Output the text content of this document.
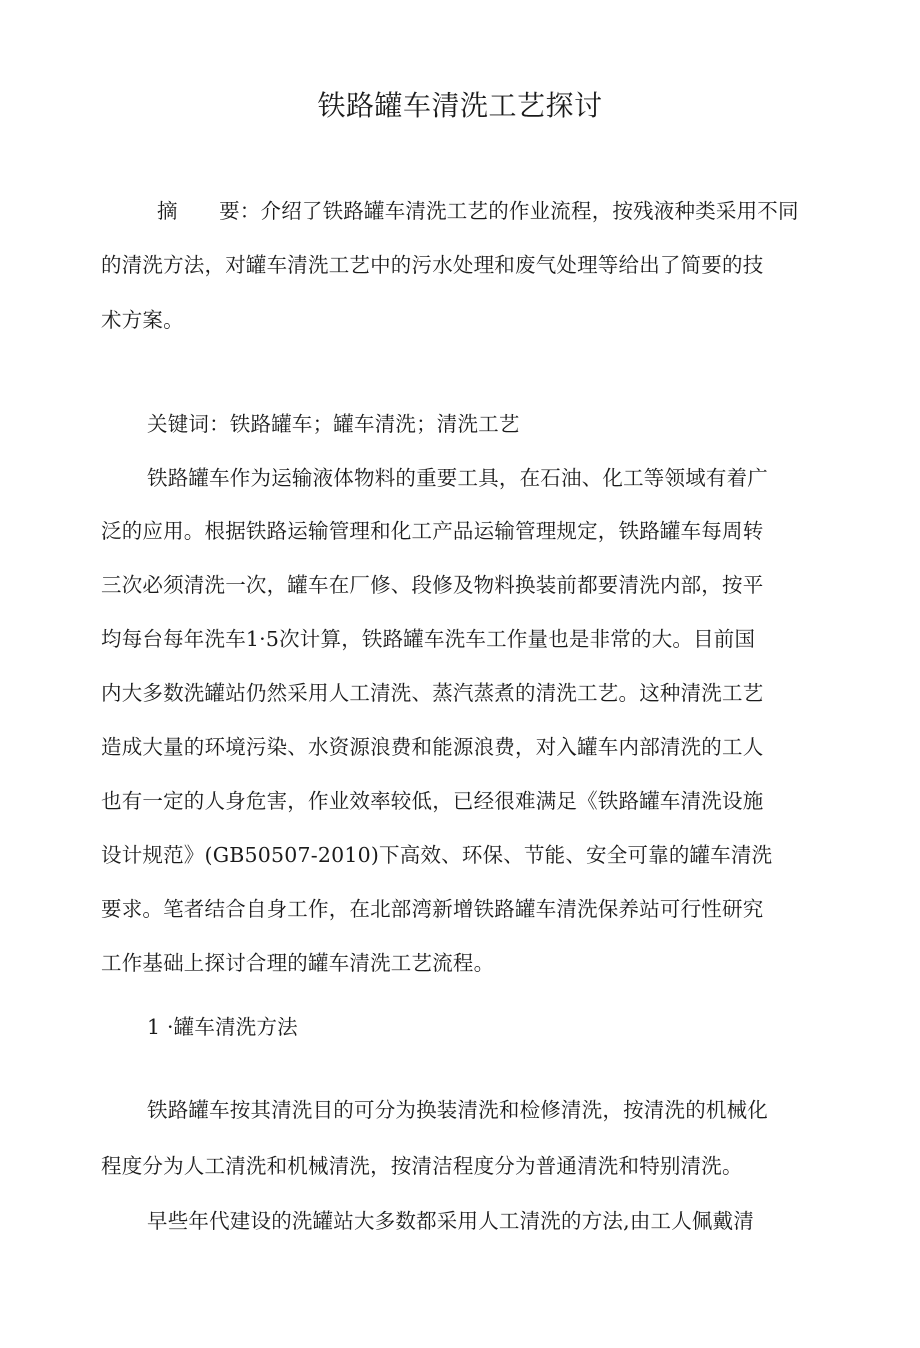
铁路罐车清洗工艺探讨
摘　　要：介绍了铁路罐车清洗工艺的作业流程，按残液种类采用不同
的清洗方法，对罐车清洗工艺中的污水处理和废气处理等给出了简要的技
术方案。
关键词：铁路罐车；罐车清洗；清洗工艺
铁路罐车作为运输液体物料的重要工具，在石油、化工等领域有着广
泛的应用。根据铁路运输管理和化工产品运输管理规定，铁路罐车每周转
三次必须清洗一次，罐车在厂修、段修及物料换装前都要清洗内部，按平
均每台每年洗车1·5次计算，铁路罐车洗车工作量也是非常的大。目前国
内大多数洗罐站仍然采用人工清洗、蒸汽蒸煮的清洗工艺。这种清洗工艺
造成大量的环境污染、水资源浪费和能源浪费，对入罐车内部清洗的工人
也有一定的人身危害，作业效率较低，已经很难满足《铁路罐车清洗设施
设计规范》(GB50507-2010)下高效、环保、节能、安全可靠的罐车清洗
要求。笔者结合自身工作，在北部湾新增铁路罐车清洗保养站可行性研究
工作基础上探讨合理的罐车清洗工艺流程。
1 ·罐车清洗方法
铁路罐车按其清洗目的可分为换装清洗和检修清洗，按清洗的机械化
程度分为人工清洗和机械清洗，按清洁程度分为普通清洗和特别清洗。
早些年代建设的洗罐站大多数都采用人工清洗的方法,由工人佩戴清
